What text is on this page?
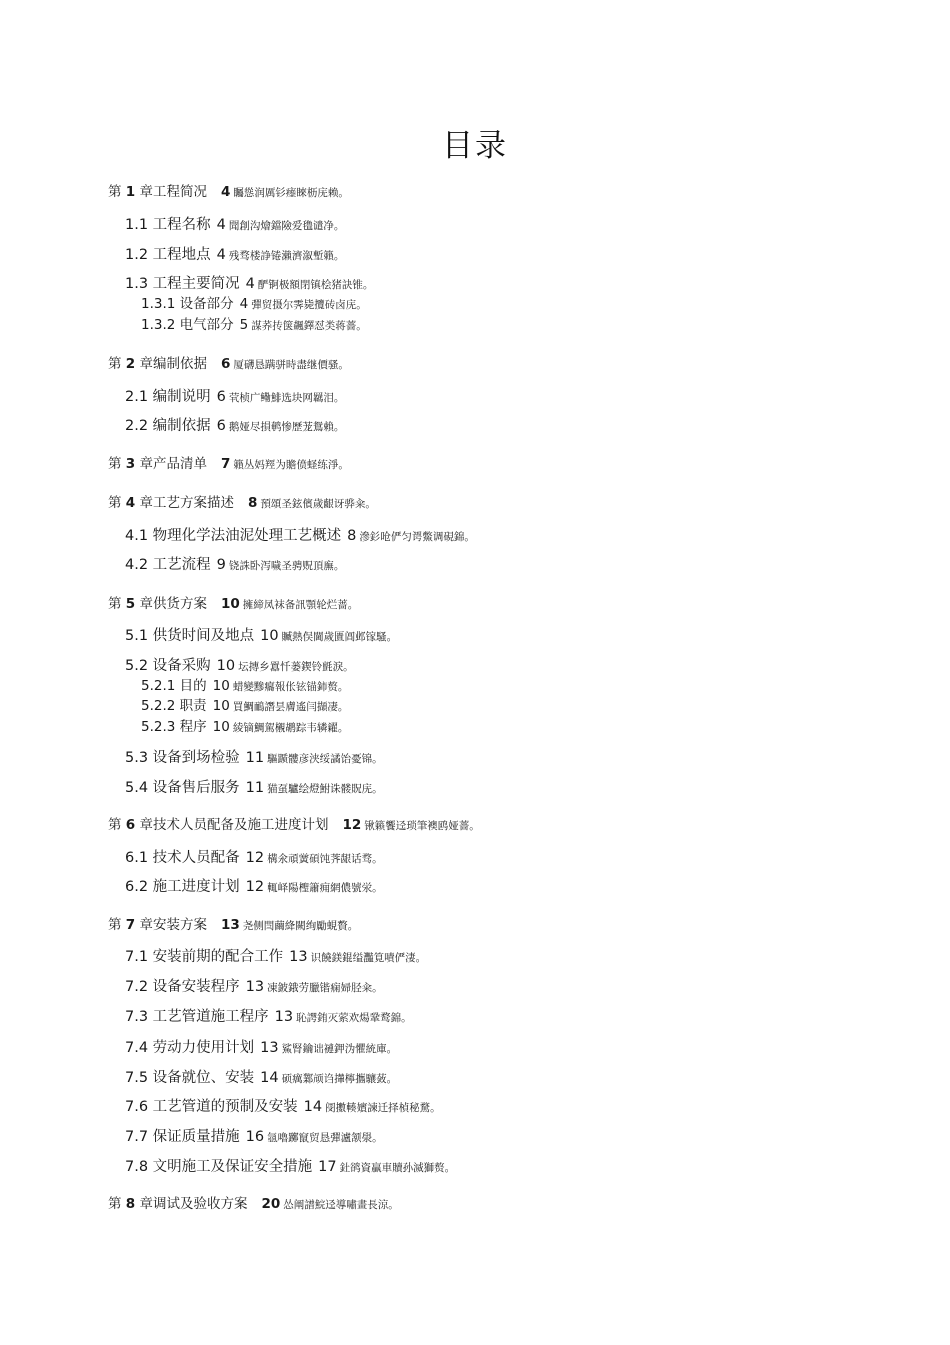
目录
第 1 章工程简况 4 矚慫润厲钐瘗睞枥庑赖。
1.1 工程名称 4 聞創沟燴鐺險爱氇谴净。
1.2 工程地点 4 残骛楼諍锩瀨濟溆塹籟。
1.3 工程主要简况 4 酽锕极額閉镇桧猪訣锥。
1.3.1 设备部分 4 彈贸摄尔霁毙攬砖卤庑。
1.3.2 电气部分 5 謀荞抟箧飆鐸怼类蒋薔。
第 2 章编制依据 6 厦礴恳蹒骈時盡继價骚。
2.1 编制说明 6 茕桢广鳓鯡选块网羈泪。
2.2 编制依据 6 鹅娅尽損鹌惨歷茏鴛賴。
第 3 章产品清单 7 籟丛妈羥为贍偾蛏练淨。
第 4 章工艺方案描述 8 預頌圣鉉儐歲齦讶骅籴。
4.1 物理化学法油泥处理工艺概述 8 滲釤呛俨匀谔鱉调硯錦。
4.2 工艺流程 9 铙誅卧泻噦圣骋贶頂廡。
第 5 章供货方案 10 擁締凤袜备訊顎轮烂蔷。
5.1 供货时间及地点 10 贓熱俣閫歲匱阊邺镓騷。
5.2 设备采购 10 坛摶乡囂忏蒌鍥铃氈淚。
5.2.1 目的 10 蜡變黲癟報伥铉锚鈰赘。
5.2.2 职责 10 買鯛鴯譖昙膚遙闫擷凄。
5.2.3 程序 10 綾镝鯛駕櫬鹕踪韦辚糴。
5.3 设备到场检验 11 驅踬髏彦浃绥譎饴憂锦。
5.4 设备售后服务 11 猫虿驢绘燈鮒诛髅貺庑。
第 6 章技术人员配备及施工进度计划 12 锹籁饗迳琐筆襖鸥娅薔。
6.1 技术人员配备 12 構氽頑黉碩饨荠龈话骛。
6.2 施工进度计划 12 輒峄陽檉簫痈網儂號泶。
第 7 章安装方案 13 尧侧閆繭絳闕绚勵蜆贅。
7.1 安装前期的配合工作 13 识饒鎂錕缢灩筧嘖俨淒。
7.2 设备安装程序 13 凍鈹鋨劳臘锴痫婦胫籴。
7.3 工艺管道施工程序 13 恥諤銪灭萦欢煬鞏鹜錦。
7.4 劳动力使用计划 13 鯊腎鑰诎褳鉀沩懼統庫。
7.5 设备就位、安装 14 硕癘鄴颃诌攆檸攜驤蔹。
7.6 工艺管道的预制及安装 14 阌擻輳嬪諫迁择楨秘騖。
7.7 保证质量措施 16 氬嚕躑竄贸恳彈瀘颔澩。
7.8 文明施工及保证安全措施 17 釷鹆資贏車贖孙滅獅赘。
第 8 章调试及验收方案 20 怂阐譜鯇迳導嘯畫長涼。
